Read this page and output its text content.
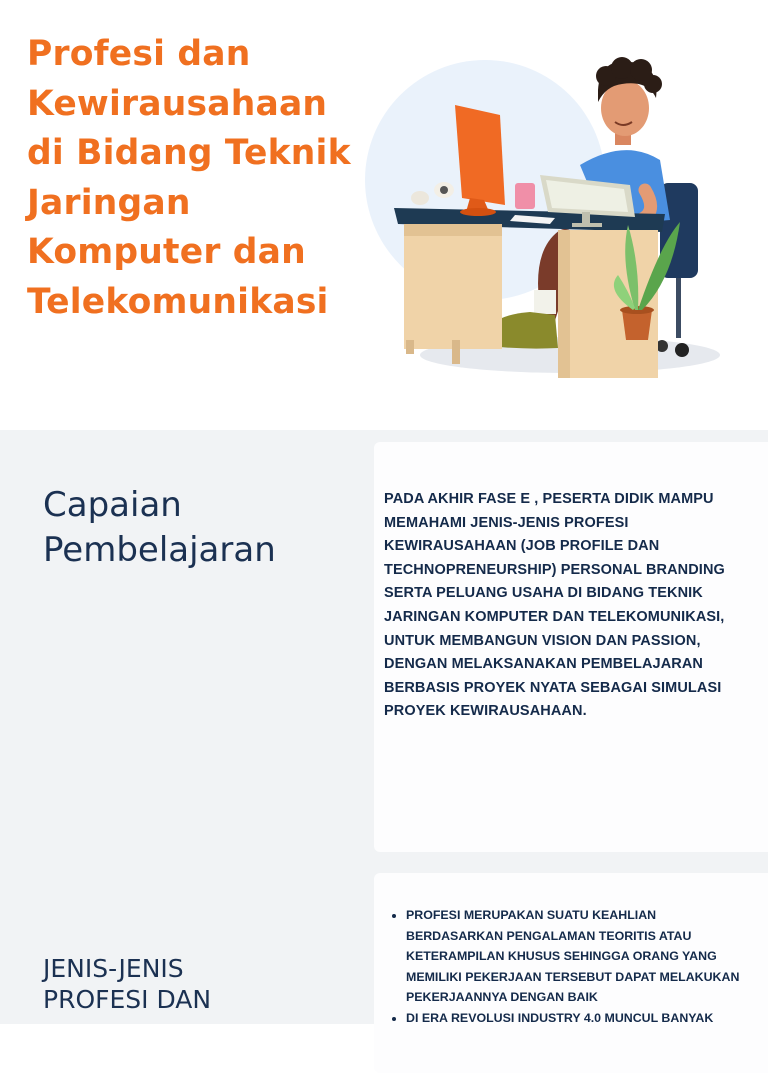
Profesi dan
Kewirausahaan
di Bidang Teknik
Jaringan
Komputer dan
Telekomunikasi
Capaian
Pembelajaran

PADA AKHIR FASE E , PESERTA DIDIK MAMPU MEMAHAMI JENIS-JENIS PROFESI KEWIRAUSAHAAN (JOB PROFILE DAN TECHNOPRENEURSHIP) PERSONAL BRANDING SERTA PELUANG USAHA DI BIDANG TEKNIK JARINGAN KOMPUTER DAN TELEKOMUNIKASI, UNTUK MEMBANGUN VISION DAN PASSION, DENGAN MELAKSANAKAN PEMBELAJARAN BERBASIS PROYEK NYATA SEBAGAI SIMULASI PROYEK KEWIRAUSAHAAN.

JENIS-JENIS
PROFESI DAN
• PROFESI MERUPAKAN SUATU KEAHLIAN BERDASARKAN PENGALAMAN TEORITIS ATAU KETERAMPILAN KHUSUS SEHINGGA ORANG YANG MEMILIKI PEKERJAAN TERSEBUT DAPAT MELAKUKAN PEKERJAANNYA DENGAN BAIK
• DI ERA REVOLUSI INDUSTRY 4.0 MUNCUL BANYAK
